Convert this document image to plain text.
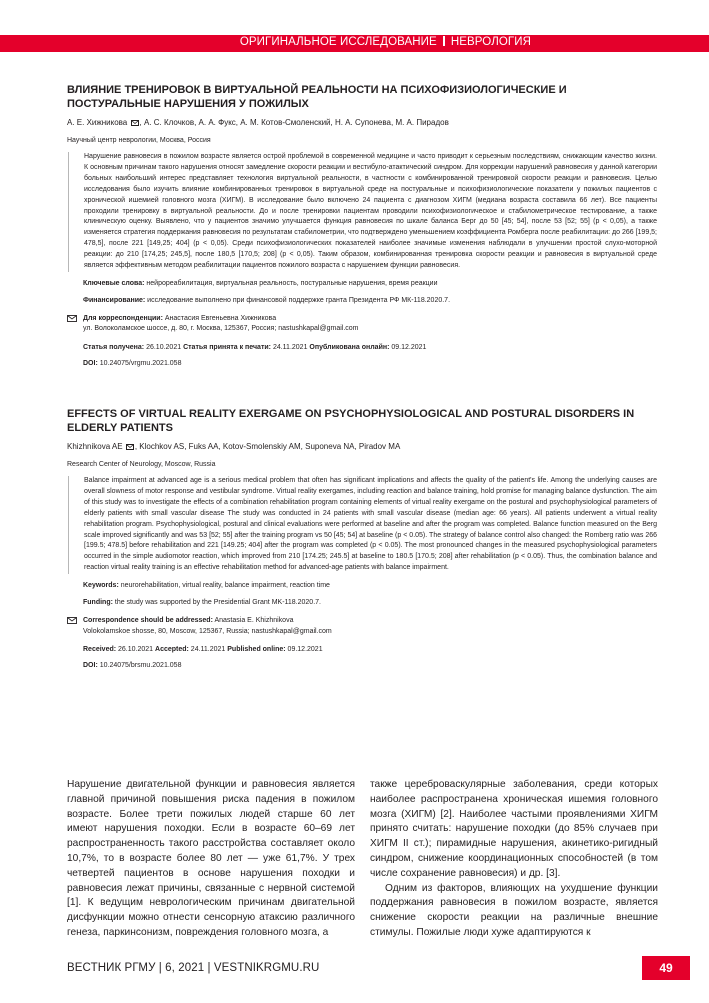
ОРИГИНАЛЬНОЕ ИССЛЕДОВАНИЕ НЕВРОЛОГИЯ
ВЛИЯНИЕ ТРЕНИРОВОК В ВИРТУАЛЬНОЙ РЕАЛЬНОСТИ НА ПСИХОФИЗИОЛОГИЧЕСКИЕ И ПОСТУРАЛЬНЫЕ НАРУШЕНИЯ У ПОЖИЛЫХ
А. Е. Хижникова , А. С. Клочков, А. А. Фукс, А. М. Котов-Смоленский, Н. А. Супонева, М. А. Пирадов
Научный центр неврологии, Москва, Россия
Нарушение равновесия в пожилом возрасте является острой проблемой в современной медицине и часто приводит к серьезным последствиям, снижающим качество жизни. К основным причинам такого нарушения относят замедление скорости реакции и вестибуло-атактический синдром. Для коррекции нарушений равновесия у данной категории больных наибольший интерес представляет технология виртуальной реальности, в частности с комбинированной тренировкой скорости реакции и равновесия. Целью исследования было изучить влияние комбинированных тренировок в виртуальной среде на постуральные и психофизиологические показатели у пожилых пациентов с хронической ишемией головного мозга (ХИГМ). В исследование было включено 24 пациента с диагнозом ХИГМ (медиана возраста составила 66 лет). Все пациенты проходили тренировку в виртуальной реальности. До и после тренировки пациентам проводили психофизиологическое и стабилометрическое тестирование, а также клиническую оценку. Выявлено, что у пациентов значимо улучшается функция равновесия по шкале баланса Берг до 50 [45; 54], после 53 [52; 55] (p < 0,05), а также изменяется стратегия поддержания равновесия по результатам стабилометрии, что подтверждено уменьшением коэффициента Ромберга после реабилитации: до 266 [199,5; 478,5], после 221 [149,25; 404] (p < 0,05). Среди психофизиологических показателей наиболее значимые изменения наблюдали в улучшении простой слухо-моторной реакции: до 210 [174,25; 245,5], после 180,5 [170,5; 208] (p < 0,05). Таким образом, комбинированная тренировка скорости реакции и равновесия в виртуальной среде является эффективным методом реабилитации пациентов пожилого возраста с нарушением функции равновесия.
Ключевые слова: нейрореабилитация, виртуальная реальность, постуральные нарушения, время реакции
Финансирование: исследование выполнено при финансовой поддержке гранта Президента РФ МК-118.2020.7.
Для корреспонденции: Анастасия Евгеньевна Хижникова
ул. Волоколамское шоссе, д. 80, г. Москва, 125367, Россия; nastushkapal@gmail.com
Статья получена: 26.10.2021 Статья принята к печати: 24.11.2021 Опубликована онлайн: 09.12.2021
DOI: 10.24075/vrgmu.2021.058
EFFECTS OF VIRTUAL REALITY EXERGAME ON PSYCHOPHYSIOLOGICAL AND POSTURAL DISORDERS IN ELDERLY PATIENTS
Khizhnikova AE , Klochkov AS, Fuks AA, Kotov-Smolenskiy AM, Suponeva NA, Piradov MA
Research Center of Neurology, Moscow, Russia
Balance impairment at advanced age is a serious medical problem that often has significant implications and affects the quality of the patient's life. Among the underlying causes are overall slowness of motor response and vestibular syndrome. Virtual reality exergames, including reaction and balance training, hold promise for managing balance dysfunction. The aim of this study was to investigate the effects of a combination rehabilitation program containing elements of virtual reality exergame on the postural and psychophysiological parameters of elderly patients with small vascular disease The study was conducted in 24 patients with small vascular disease (median age: 66 years). All patients underwent a virtual reality rehabilitation program. Psychophysiological, postural and clinical evaluations were performed at baseline and after the program was completed. Balance function measured on the Berg scale improved significantly and was 53 [52; 55] after the training program vs 50 [45; 54] at baseline (p < 0.05). The strategy of balance control also changed: the Romberg ratio was 266 [199.5; 478.5] before rehabilitation and 221 [149.25; 404] after the program was completed (p < 0.05). The most pronounced changes in the measured psychophysiological parameters occurred in the simple audiomotor reaction, which improved from 210 [174.25; 245.5] at baseline to 180.5 [170.5; 208] after rehabilitation (p < 0.05). Thus, the combination balance and reaction virtual reality training is an effective rehabilitation method for advanced-age patients with balance impairment.
Keywords: neurorehabilitation, virtual reality, balance impairment, reaction time
Funding: the study was supported by the Presidential Grant MK-118.2020.7.
Correspondence should be addressed: Anastasia E. Khizhnikova
Volokolamskoe shosse, 80, Moscow, 125367, Russia; nastushkapal@gmail.com
Received: 26.10.2021 Accepted: 24.11.2021 Published online: 09.12.2021
DOI: 10.24075/brsmu.2021.058

Нарушение двигательной функции и равновесия является главной причиной повышения риска падения в пожилом возрасте. Более трети пожилых людей старше 60 лет имеют нарушения походки. Если в возрасте 60–69 лет распространенность такого расстройства составляет около 10,7%, то в возрасте более 80 лет — уже 61,7%. У трех четвертей пациентов в основе нарушения походки и равновесия лежат причины, связанные с нервной системой [1]. К ведущим неврологическим причинам двигательной дисфункции можно отнести сенсорную атаксию различного генеза, паркинсонизм, повреждения головного мозга, а

также цереброваскулярные заболевания, среди которых наиболее распространена хроническая ишемия головного мозга (ХИГМ) [2]. Наиболее частыми проявлениями ХИГМ принято считать: нарушение походки (до 85% случаев при ХИГМ II ст.); пирамидные нарушения, акинетико-ригидный синдром, снижение координационных способностей (в том числе сохранение равновесия) и др. [3].

Одним из факторов, влияющих на ухудшение функции поддержания равновесия в пожилом возрасте, является снижение скорости реакции на различные внешние стимулы. Пожилые люди хуже адаптируются к

ВЕСТНИК РГМУ | 6, 2021 | VESTNIKRGMU.RU	49
